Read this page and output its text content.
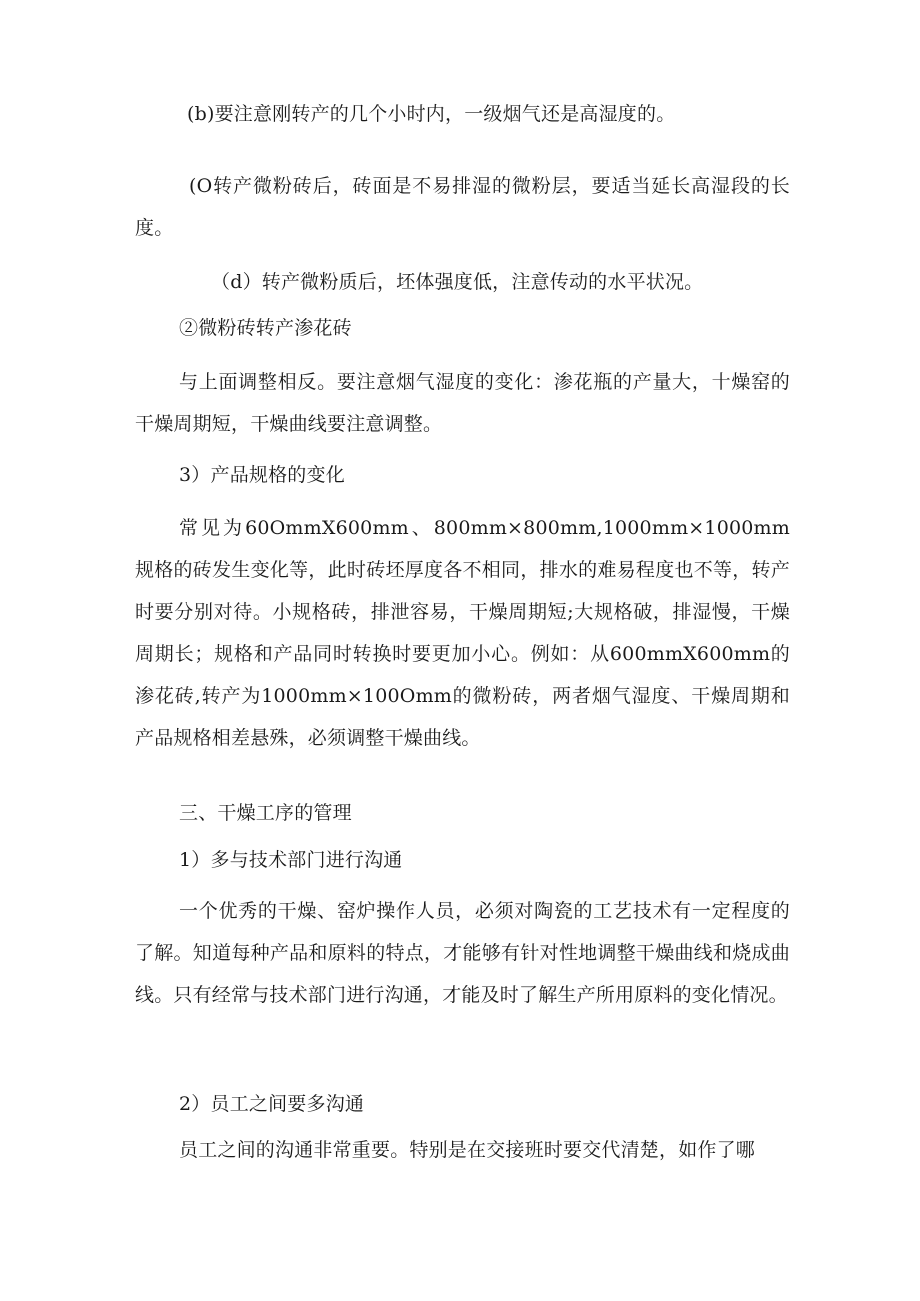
(b)要注意刚转产的几个小时内，一级烟气还是高湿度的。
(O转产微粉砖后，砖面是不易排湿的微粉层，要适当延长高湿段的长度。
（d）转产微粉质后，坯体强度低，注意传动的水平状况。
②微粉砖转产渗花砖
与上面调整相反。要注意烟气湿度的变化：渗花瓶的产量大，十燥窑的干燥周期短，干燥曲线要注意调整。
3）产品规格的变化
常见为60OmmX600mm、800mm×800mm,1000mm×1000mm规格的砖发生变化等，此时砖坯厚度各不相同，排水的难易程度也不等，转产时要分别对待。小规格砖，排泄容易，干燥周期短;大规格破，排湿慢，干燥周期长；规格和产品同时转换时要更加小心。例如：从600mmX600mm的渗花砖,转产为1000mm×100Omm的微粉砖，两者烟气湿度、干燥周期和产品规格相差悬殊，必须调整干燥曲线。
三、干燥工序的管理
1）多与技术部门进行沟通
一个优秀的干燥、窑炉操作人员，必须对陶瓷的工艺技术有一定程度的了解。知道每种产品和原料的特点，才能够有针对性地调整干燥曲线和烧成曲线。只有经常与技术部门进行沟通，才能及时了解生产所用原料的变化情况。
2）员工之间要多沟通
员工之间的沟通非常重要。特别是在交接班时要交代清楚，如作了哪
